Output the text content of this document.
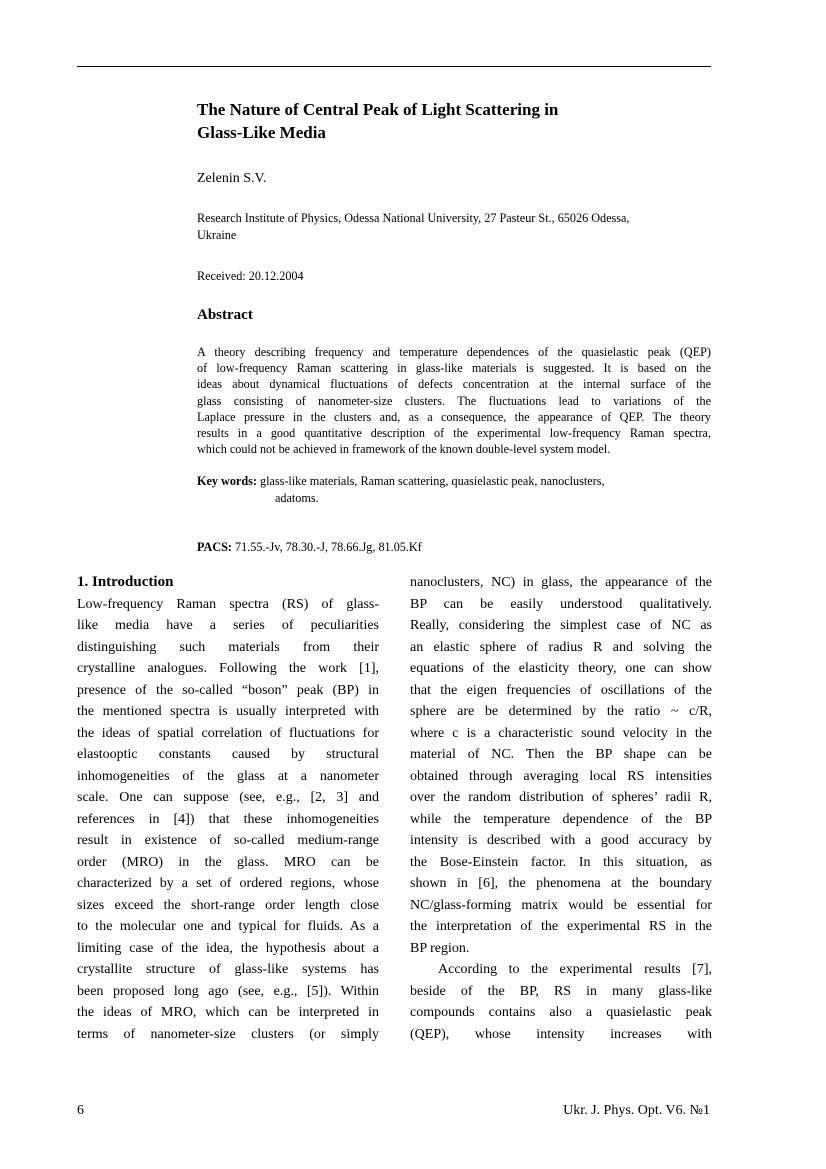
The Nature of Central Peak of Light Scattering in
Glass-Like Media

Zelenin S.V.

Research Institute of Physics, Odessa National University, 27 Pasteur St., 65026 Odessa,
Ukraine

Received: 20.12.2004

Abstract

A theory describing frequency and temperature dependences of the quasielastic peak (QEP)
of low-frequency Raman scattering in glass-like materials is suggested. It is based on the
ideas about dynamical fluctuations of defects concentration at the internal surface of the
glass consisting of nanometer-size clusters. The fluctuations lead to variations of the
Laplace pressure in the clusters and, as a consequence, the appearance of QEP. The theory
results in a good quantitative description of the experimental low-frequency Raman spectra,
which could not be achieved in framework of the known double-level system model.

Key words: glass-like materials, Raman scattering, quasielastic peak, nanoclusters,
adatoms.

PACS: 71.55.-Jv, 78.30.-J, 78.66.Jg, 81.05.Kf

1. Introduction
Low-frequency Raman spectra (RS) of glass-
like media have a series of peculiarities
distinguishing such materials from their
crystalline analogues. Following the work [1],
presence of the so-called “boson” peak (BP) in
the mentioned spectra is usually interpreted with
the ideas of spatial correlation of fluctuations for
elastooptic constants caused by structural
inhomogeneities of the glass at a nanometer
scale. One can suppose (see, e.g., [2, 3] and
references in [4]) that these inhomogeneities
result in existence of so-called medium-range
order (MRO) in the glass. MRO can be
characterized by a set of ordered regions, whose
sizes exceed the short-range order length close
to the molecular one and typical for fluids. As a
limiting case of the idea, the hypothesis about a
crystallite structure of glass-like systems has
been proposed long ago (see, e.g., [5]). Within
the ideas of MRO, which can be interpreted in
terms of nanometer-size clusters (or simply
nanoclusters, NC) in glass, the appearance of the
BP can be easily understood qualitatively.
Really, considering the simplest case of NC as
an elastic sphere of radius R and solving the
equations of the elasticity theory, one can show
that the eigen frequencies of oscillations of the
sphere are be determined by the ratio ~ c/R,
where c is a characteristic sound velocity in the
material of NC. Then the BP shape can be
obtained through averaging local RS intensities
over the random distribution of spheres’ radii R,
while the temperature dependence of the BP
intensity is described with a good accuracy by
the Bose-Einstein factor. In this situation, as
shown in [6], the phenomena at the boundary
NC/glass-forming matrix would be essential for
the interpretation of the experimental RS in the
BP region.
According to the experimental results [7],
beside of the BP, RS in many glass-like
compounds contains also a quasielastic peak
(QEP), whose intensity increases with

6	Ukr. J. Phys. Opt. V6. №1
